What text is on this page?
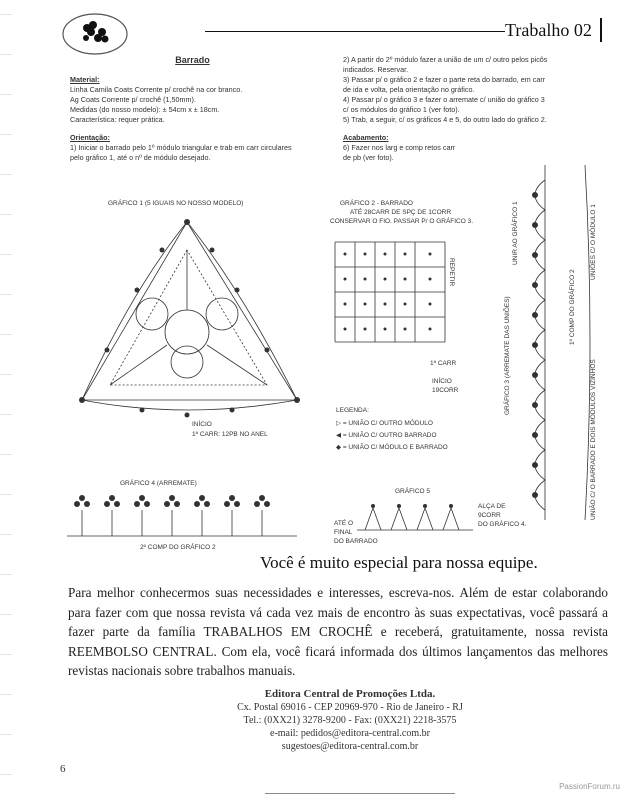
Trabalho 02
Barrado
Material:
Linha Camila Coats Corrente p/ crochê na cor branco.
Ag Coats Corrente p/ crochê (1,50mm).
Medidas (do nosso modelo): ± 54cm x ± 18cm.
Característica: requer prática.
Orientação:
1) Iniciar o barrado pelo 1º módulo triangular e trab em carr circulares
pelo gráfico 1, até o nº de módulo desejado.
2) A partir do 2º módulo fazer a união de um c/ outro pelos picôs
indicados. Reservar.
3) Passar p/ o gráfico 2 e fazer o parte reta do barrado, em carr
de ida e volta, pela orientação no gráfico.
4) Passar p/ o gráfico 3 e fazer o arremate c/ união do gráfico 3
c/ os módulos do gráfico 1 (ver foto).
5) Trab, a seguir, c/ os gráficos 4 e 5, do outro lado do gráfico 2.
Acabamento:
6) Fazer nos larg e comp retos carr
de pb (ver foto).
GRÁFICO 1 (5 IGUAIS NO NOSSO MODELO)
INÍCIO
1ª CARR: 12PB NO ANEL
GRÁFICO 2 - BARRADO
ATÉ 28CARR DE SPÇ DE 1CORR
CONSERVAR O FIO. PASSAR P/ O GRÁFICO 3.
REPETIR
1ª CARR
INÍCIO
19CORR
LEGENDA:
▷ = UNIÃO C/ OUTRO MÓDULO
◀ = UNIÃO C/ OUTRO BARRADO
◆ = UNIÃO C/ MÓDULO E BARRADO
UNIR AO GRÁFICO 1
GRÁFICO 3 (ARREMATE DAS UNIÕES)	1º COMP DO GRÁFICO 2
UNIÕES C/ O MÓDULO 1
UNIÃO C/ O BARRADO E DOIS MÓDULOS VIZINHOS
GRÁFICO 4 (ARREMATE)
2º COMP DO GRÁFICO 2
GRÁFICO 5
ATÉ O
FINAL
DO BARRADO
ALÇA DE
9CORR
DO GRÁFICO 4.
Você é muito especial para nossa equipe.
Para melhor conhecermos suas necessidades e interesses, escreva-nos. Além de estar colaborando para fazer com que nossa revista vá cada vez mais de encontro às suas expectativas, você passará a fazer parte da família TRABALHOS EM CROCHÊ e receberá, gratuitamente, nossa revista REEMBOLSO CENTRAL. Com ela, você ficará informada dos últimos lançamentos das melhores revistas nacionais sobre trabalhos manuais.
Editora Central de Promoções Ltda.
Cx. Postal 69016 - CEP 20969-970 - Rio de Janeiro - RJ
Tel.: (0XX21) 3278-9200 - Fax: (0XX21) 2218-3575
e-mail: pedidos@editora-central.com.br
sugestoes@editora-central.com.br
6
PassionForum.ru
